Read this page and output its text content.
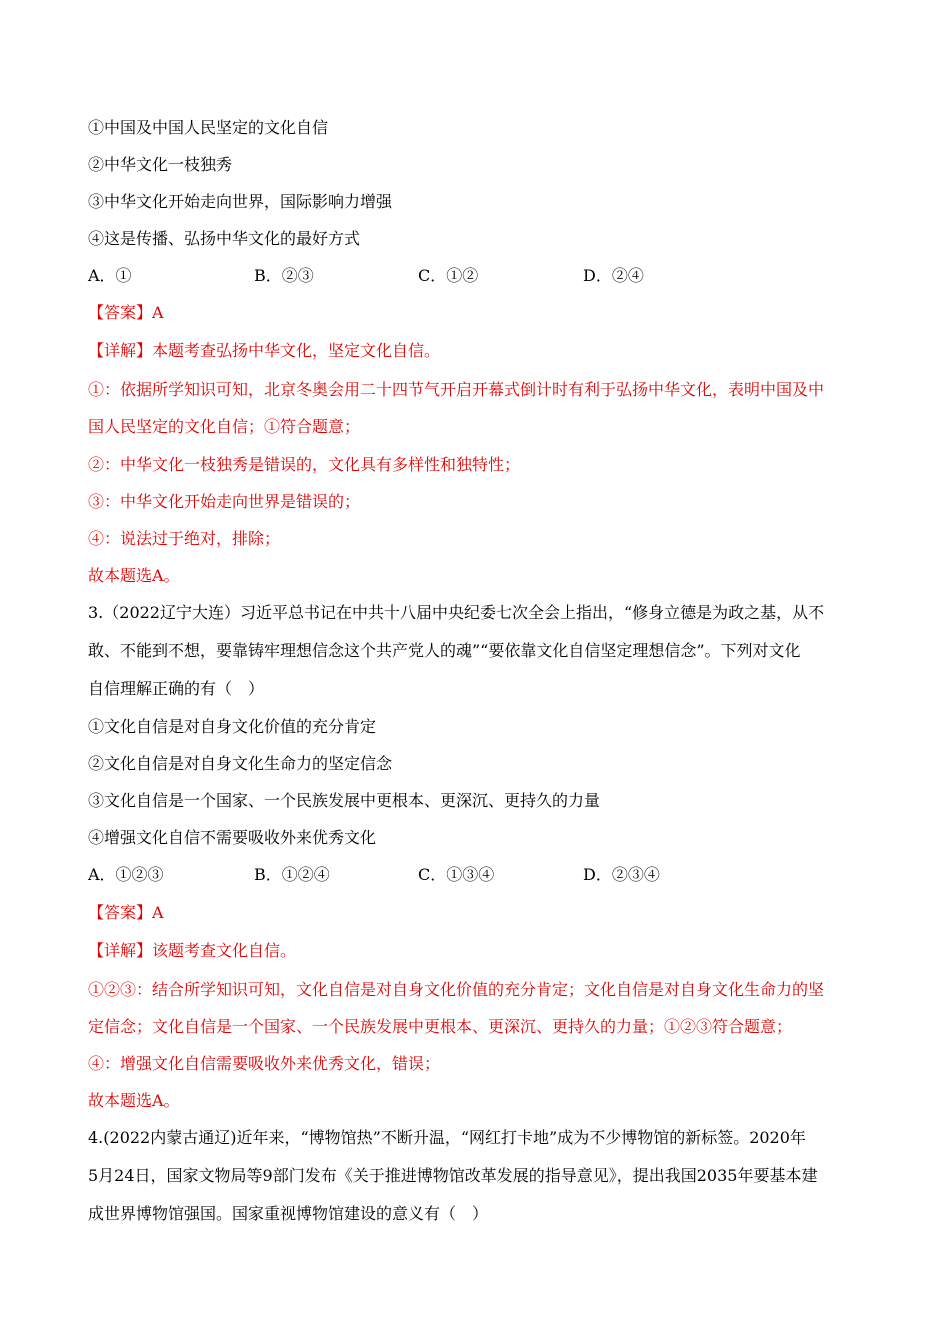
①中国及中国人民坚定的文化自信
②中华文化一枝独秀
③中华文化开始走向世界，国际影响力增强
④这是传播、弘扬中华文化的最好方式
A．①	B．②③	C．①②	D．②④
【答案】A
【详解】本题考查弘扬中华文化，坚定文化自信。
①：依据所学知识可知，北京冬奥会用二十四节气开启开幕式倒计时有利于弘扬中华文化，表明中国及中
国人民坚定的文化自信；①符合题意；
②：中华文化一枝独秀是错误的，文化具有多样性和独特性；
③：中华文化开始走向世界是错误的；
④：说法过于绝对，排除；
故本题选A。
3.（2022辽宁大连）习近平总书记在中共十八届中央纪委七次全会上指出，“修身立德是为政之基，从不
敢、不能到不想，要靠铸牢理想信念这个共产党人的魂”“要依靠文化自信坚定理想信念”。下列对文化
自信理解正确的有（　）
①文化自信是对自身文化价值的充分肯定
②文化自信是对自身文化生命力的坚定信念
③文化自信是一个国家、一个民族发展中更根本、更深沉、更持久的力量
④增强文化自信不需要吸收外来优秀文化
A．①②③	B．①②④	C．①③④	D．②③④
【答案】A
【详解】该题考查文化自信。
①②③：结合所学知识可知，文化自信是对自身文化价值的充分肯定；文化自信是对自身文化生命力的坚
定信念；文化自信是一个国家、一个民族发展中更根本、更深沉、更持久的力量；①②③符合题意；
④：增强文化自信需要吸收外来优秀文化，错误；
故本题选A。
4.(2022内蒙古通辽)近年来，“博物馆热”不断升温，“网红打卡地”成为不少博物馆的新标签。2020年
5月24日，国家文物局等9部门发布《关于推进博物馆改革发展的指导意见》，提出我国2035年要基本建
成世界博物馆强国。国家重视博物馆建设的意义有（　）
